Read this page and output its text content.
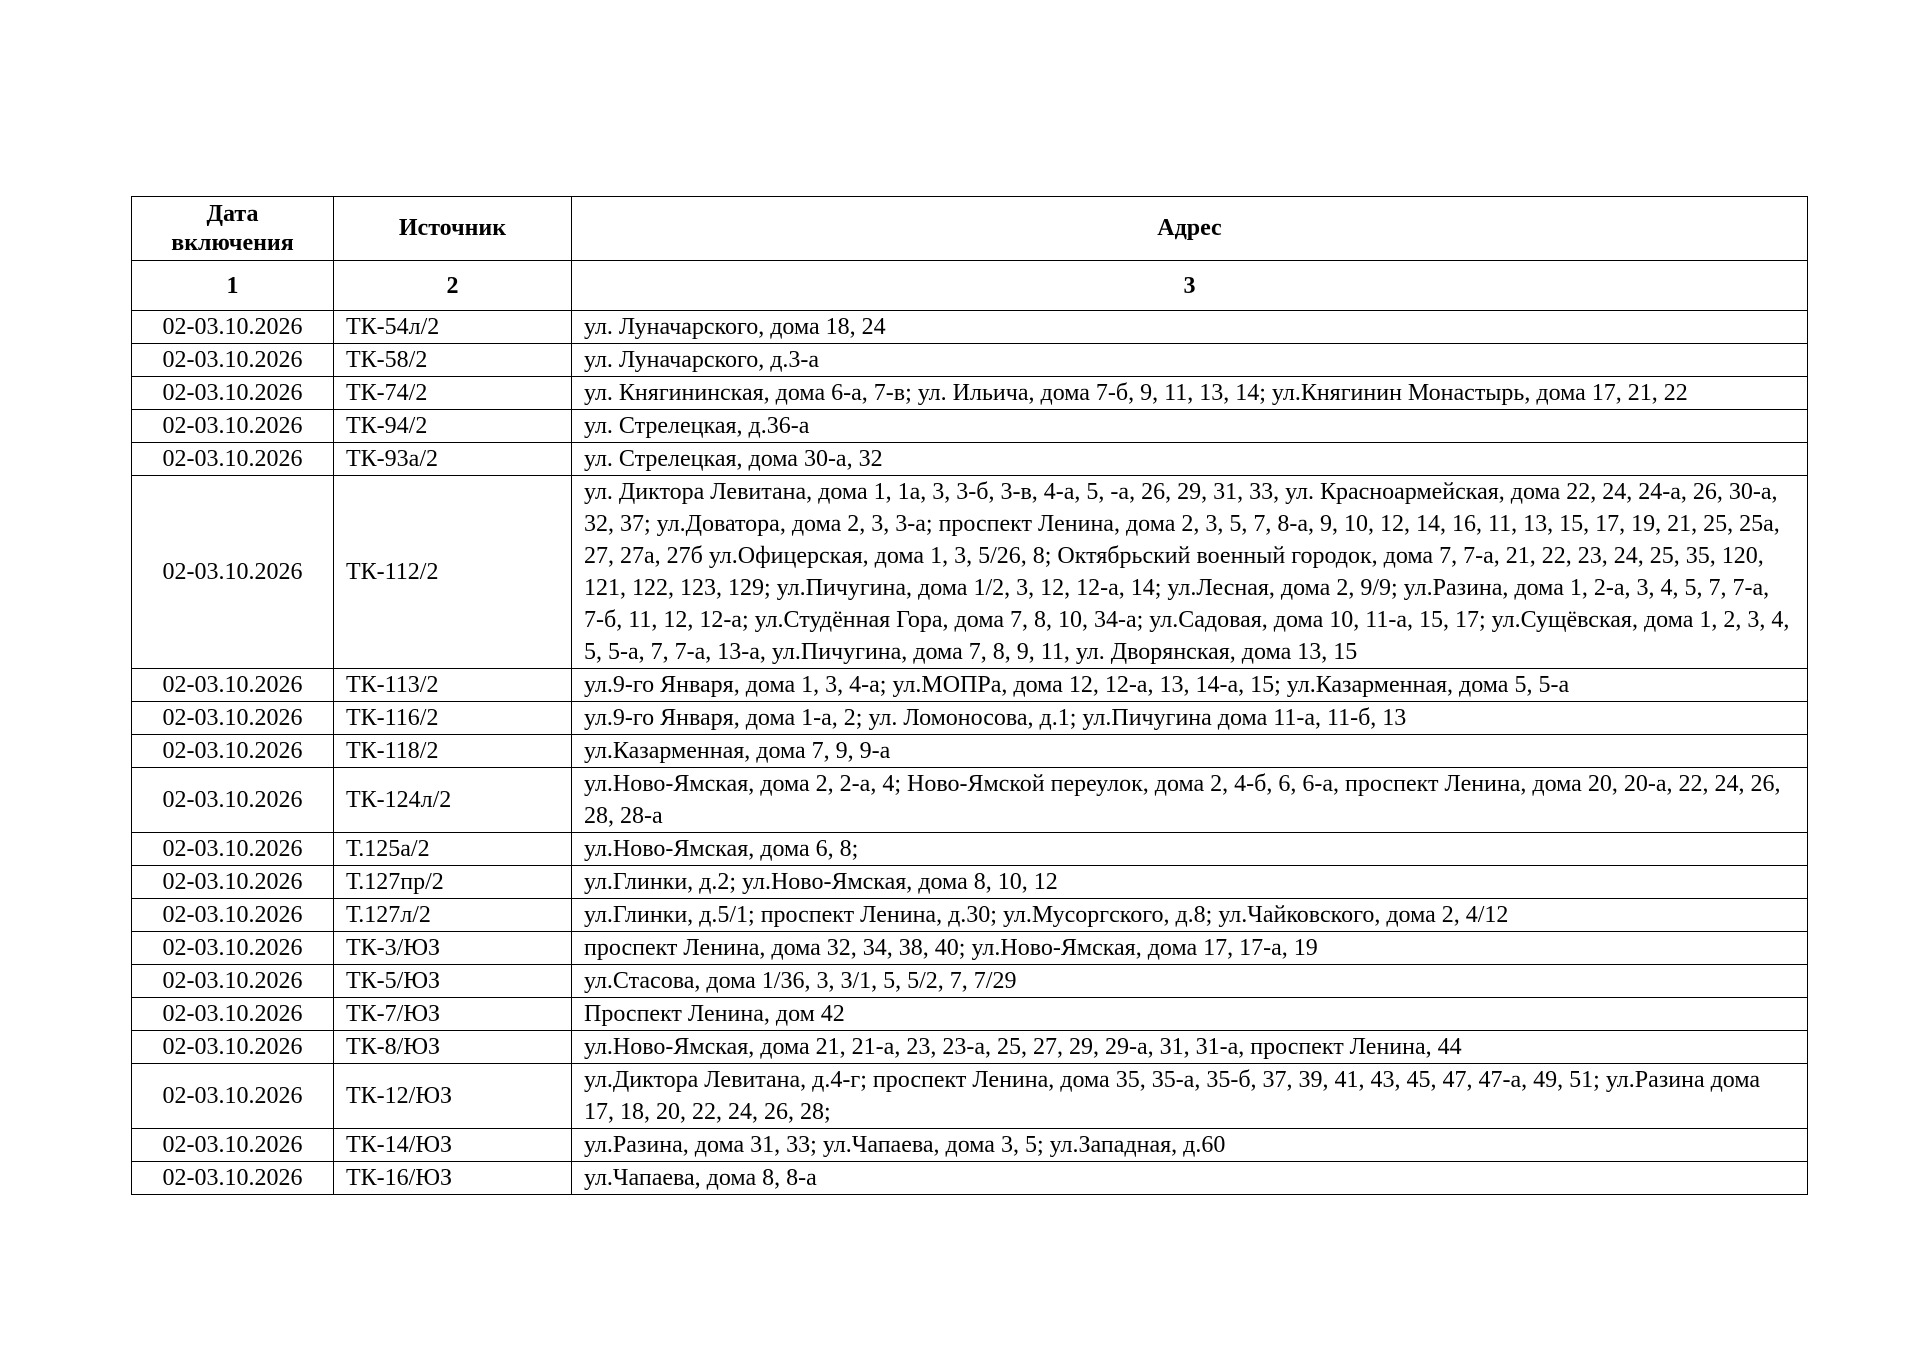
Дата включения	Источник	Адрес
1	2	3
02-03.10.2026	ТК-54л/2	ул. Луначарского, дома 18, 24
02-03.10.2026	ТК-58/2	ул. Луначарского, д.3-а
02-03.10.2026	ТК-74/2	ул. Княгининская, дома 6-а, 7-в; ул. Ильича, дома 7-б, 9, 11, 13, 14; ул.Княгинин Монастырь, дома 17, 21, 22
02-03.10.2026	ТК-94/2	ул. Стрелецкая, д.36-а
02-03.10.2026	ТК-93а/2	ул. Стрелецкая, дома 30-а, 32
02-03.10.2026	ТК-112/2	ул. Диктора Левитана, дома 1, 1а, 3, 3-б, 3-в, 4-а, 5, -а, 26, 29, 31, 33, ул. Красноармейская, дома 22, 24, 24-а, 26, 30-а, 32, 37; ул.Доватора, дома 2, 3, 3-а; проспект Ленина, дома 2, 3, 5, 7, 8-а, 9, 10, 12, 14, 16, 11, 13, 15, 17, 19, 21, 25, 25а, 27, 27а, 27б ул.Офицерская, дома 1, 3, 5/26, 8; Октябрьский военный городок, дома 7, 7-а, 21, 22, 23, 24, 25, 35, 120, 121, 122, 123, 129; ул.Пичугина, дома 1/2, 3, 12, 12-а, 14; ул.Лесная, дома 2, 9/9; ул.Разина, дома 1, 2-а, 3, 4, 5, 7, 7-а, 7-б, 11, 12, 12-а; ул.Студённая Гора, дома 7, 8, 10, 34-а; ул.Садовая, дома 10, 11-а, 15, 17; ул.Сущёвская, дома 1, 2, 3, 4, 5, 5-а, 7, 7-а, 13-а, ул.Пичугина, дома 7, 8, 9, 11, ул. Дворянская, дома 13, 15
02-03.10.2026	ТК-113/2	ул.9-го Января, дома 1, 3, 4-а; ул.МОПРа, дома 12, 12-а, 13, 14-а, 15; ул.Казарменная, дома 5, 5-а
02-03.10.2026	ТК-116/2	ул.9-го Января, дома 1-а, 2; ул. Ломоносова, д.1; ул.Пичугина дома 11-а, 11-б, 13
02-03.10.2026	ТК-118/2	ул.Казарменная, дома 7, 9, 9-а
02-03.10.2026	ТК-124л/2	ул.Ново-Ямская, дома 2, 2-а, 4; Ново-Ямской переулок, дома 2, 4-б, 6, 6-а, проспект Ленина, дома 20, 20-а, 22, 24, 26, 28, 28-а
02-03.10.2026	Т.125а/2	ул.Ново-Ямская, дома 6, 8;
02-03.10.2026	Т.127пр/2	ул.Глинки, д.2; ул.Ново-Ямская, дома 8, 10, 12
02-03.10.2026	Т.127л/2	ул.Глинки, д.5/1; проспект Ленина, д.30; ул.Мусоргского, д.8; ул.Чайковского, дома 2, 4/12
02-03.10.2026	ТК-3/ЮЗ	проспект Ленина, дома 32, 34, 38, 40; ул.Ново-Ямская, дома 17, 17-а, 19
02-03.10.2026	ТК-5/ЮЗ	ул.Стасова, дома 1/36, 3, 3/1, 5, 5/2, 7, 7/29
02-03.10.2026	ТК-7/ЮЗ	Проспект Ленина, дом 42
02-03.10.2026	ТК-8/ЮЗ	ул.Ново-Ямская, дома 21, 21-а, 23, 23-а, 25, 27, 29, 29-а, 31, 31-а, проспект Ленина, 44
02-03.10.2026	ТК-12/ЮЗ	ул.Диктора Левитана, д.4-г; проспект Ленина, дома 35, 35-а, 35-б, 37, 39, 41, 43, 45, 47, 47-а, 49, 51; ул.Разина дома 17, 18, 20, 22, 24, 26, 28;
02-03.10.2026	ТК-14/ЮЗ	ул.Разина, дома 31, 33; ул.Чапаева, дома 3, 5; ул.Западная, д.60
02-03.10.2026	ТК-16/ЮЗ	ул.Чапаева, дома 8, 8-а
